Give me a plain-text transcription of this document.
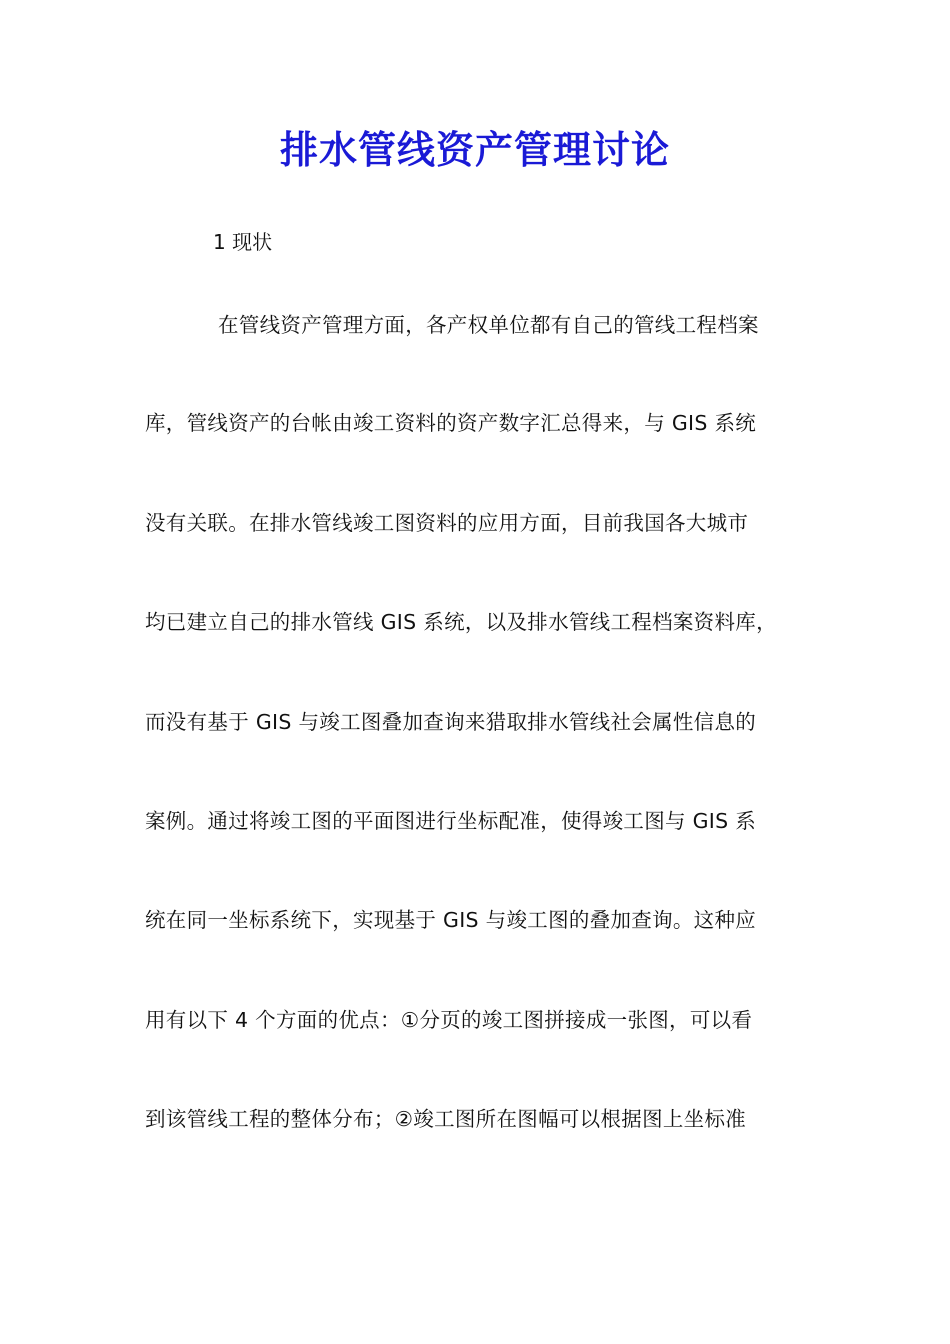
排水管线资产管理讨论
1 现状
在管线资产管理方面，各产权单位都有自己的管线工程档案
库，管线资产的台帐由竣工资料的资产数字汇总得来，与 GIS 系统
没有关联。在排水管线竣工图资料的应用方面，目前我国各大城市
均已建立自己的排水管线 GIS 系统，以及排水管线工程档案资料库，
而没有基于 GIS 与竣工图叠加查询来猎取排水管线社会属性信息的
案例。通过将竣工图的平面图进行坐标配准，使得竣工图与 GIS 系
统在同一坐标系统下，实现基于 GIS 与竣工图的叠加查询。这种应
用有以下 4 个方面的优点：①分页的竣工图拼接成一张图，可以看
到该管线工程的整体分布；②竣工图所在图幅可以根据图上坐标准
